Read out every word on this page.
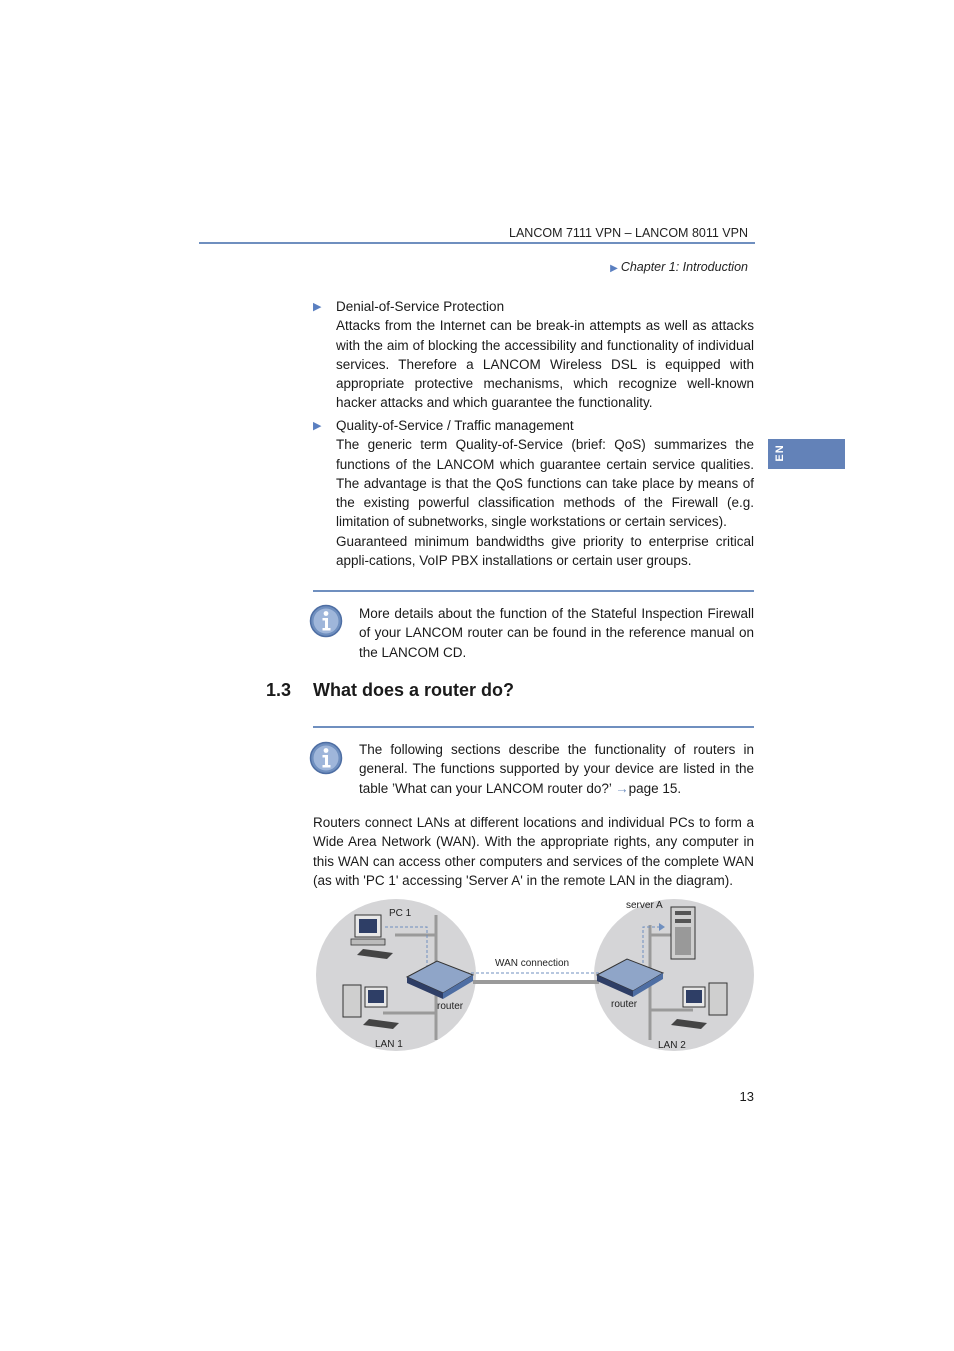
LANCOM 7111 VPN – LANCOM 8011 VPN
▶ Chapter 1: Introduction
EN
▶ Denial-of-Service Protection

Attacks from the Internet can be break-in attempts as well as attacks with the aim of blocking the accessibility and functionality of individual services. Therefore a LANCOM Wireless DSL is equipped with appropriate protective mechanisms, which recognize well-known hacker attacks and which guarantee the functionality.

▶ Quality-of-Service / Traffic management

The generic term Quality-of-Service (brief: QoS) summarizes the functions of the LANCOM which guarantee certain service qualities. The advantage is that the QoS functions can take place by means of the existing powerful classification methods of the Firewall (e.g. limitation of subnetworks, single workstations or certain services).

Guaranteed minimum bandwidths give priority to enterprise critical appli-cations, VoIP PBX installations or certain user groups.

More details about the function of the Stateful Inspection Firewall of your LANCOM router can be found in the reference manual on the LANCOM CD.
1.3 What does a router do?
The following sections describe the functionality of routers in general. The functions supported by your device are listed in the table ’What can your LANCOM router do?’ →page 15.
Routers connect LANs at different locations and individual PCs to form a Wide Area Network (WAN). With the appropriate rights, any computer in this WAN can access other computers and services of the complete WAN (as with 'PC 1' accessing 'Server A' in the remote LAN in the diagram).
PC 1
router
LAN 1
WAN connection
server A
router
LAN 2
13
